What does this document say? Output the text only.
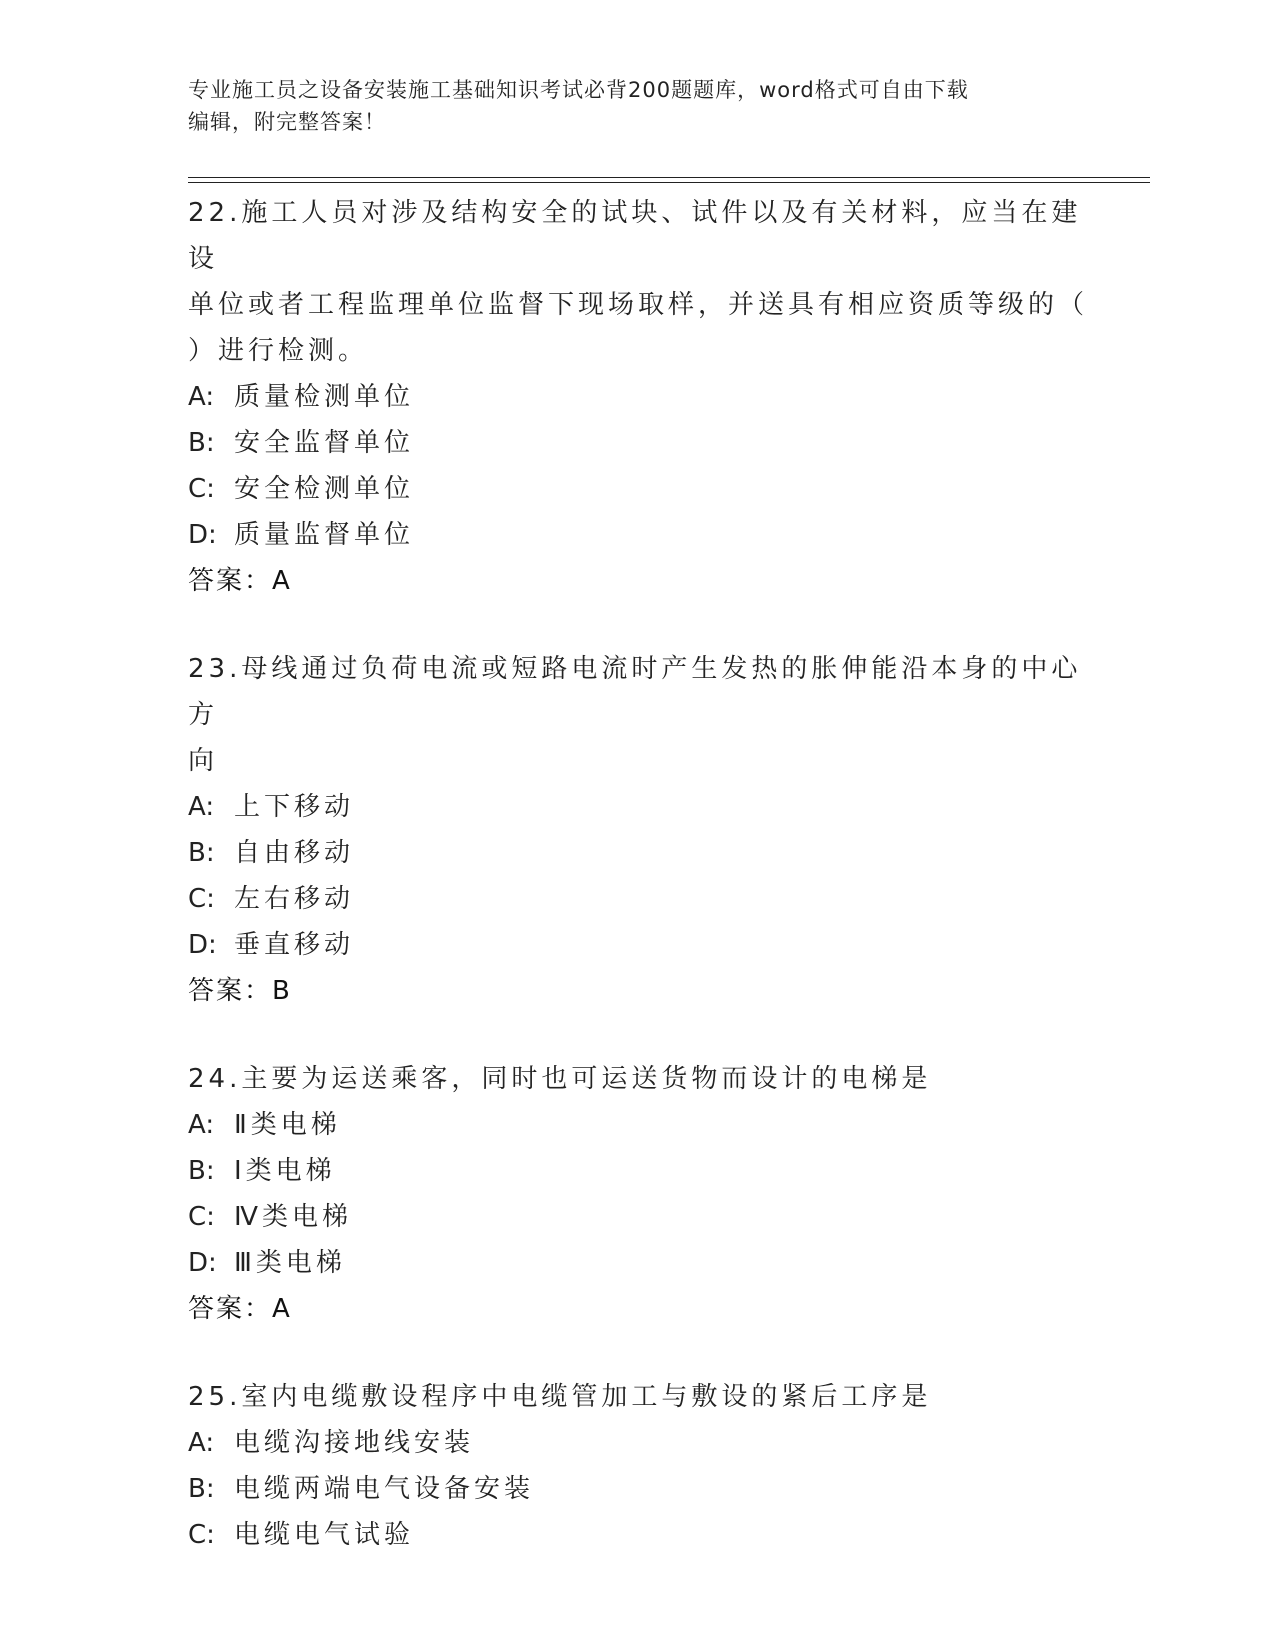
专业施工员之设备安装施工基础知识考试必背200题题库，word格式可自由下载
编辑，附完整答案！
22.施工人员对涉及结构安全的试块、试件以及有关材料，应当在建设
单位或者工程监理单位监督下现场取样，并送具有相应资质等级的（
）进行检测。
A: 质量检测单位
B: 安全监督单位
C: 安全检测单位
D: 质量监督单位
答案：A
23.母线通过负荷电流或短路电流时产生发热的胀伸能沿本身的中心方
向
A: 上下移动
B: 自由移动
C: 左右移动
D: 垂直移动
答案：B
24.主要为运送乘客，同时也可运送货物而设计的电梯是
A: Ⅱ类电梯
B: Ⅰ类电梯
C: Ⅳ类电梯
D: Ⅲ类电梯
答案：A
25.室内电缆敷设程序中电缆管加工与敷设的紧后工序是
A: 电缆沟接地线安装
B: 电缆两端电气设备安装
C: 电缆电气试验
